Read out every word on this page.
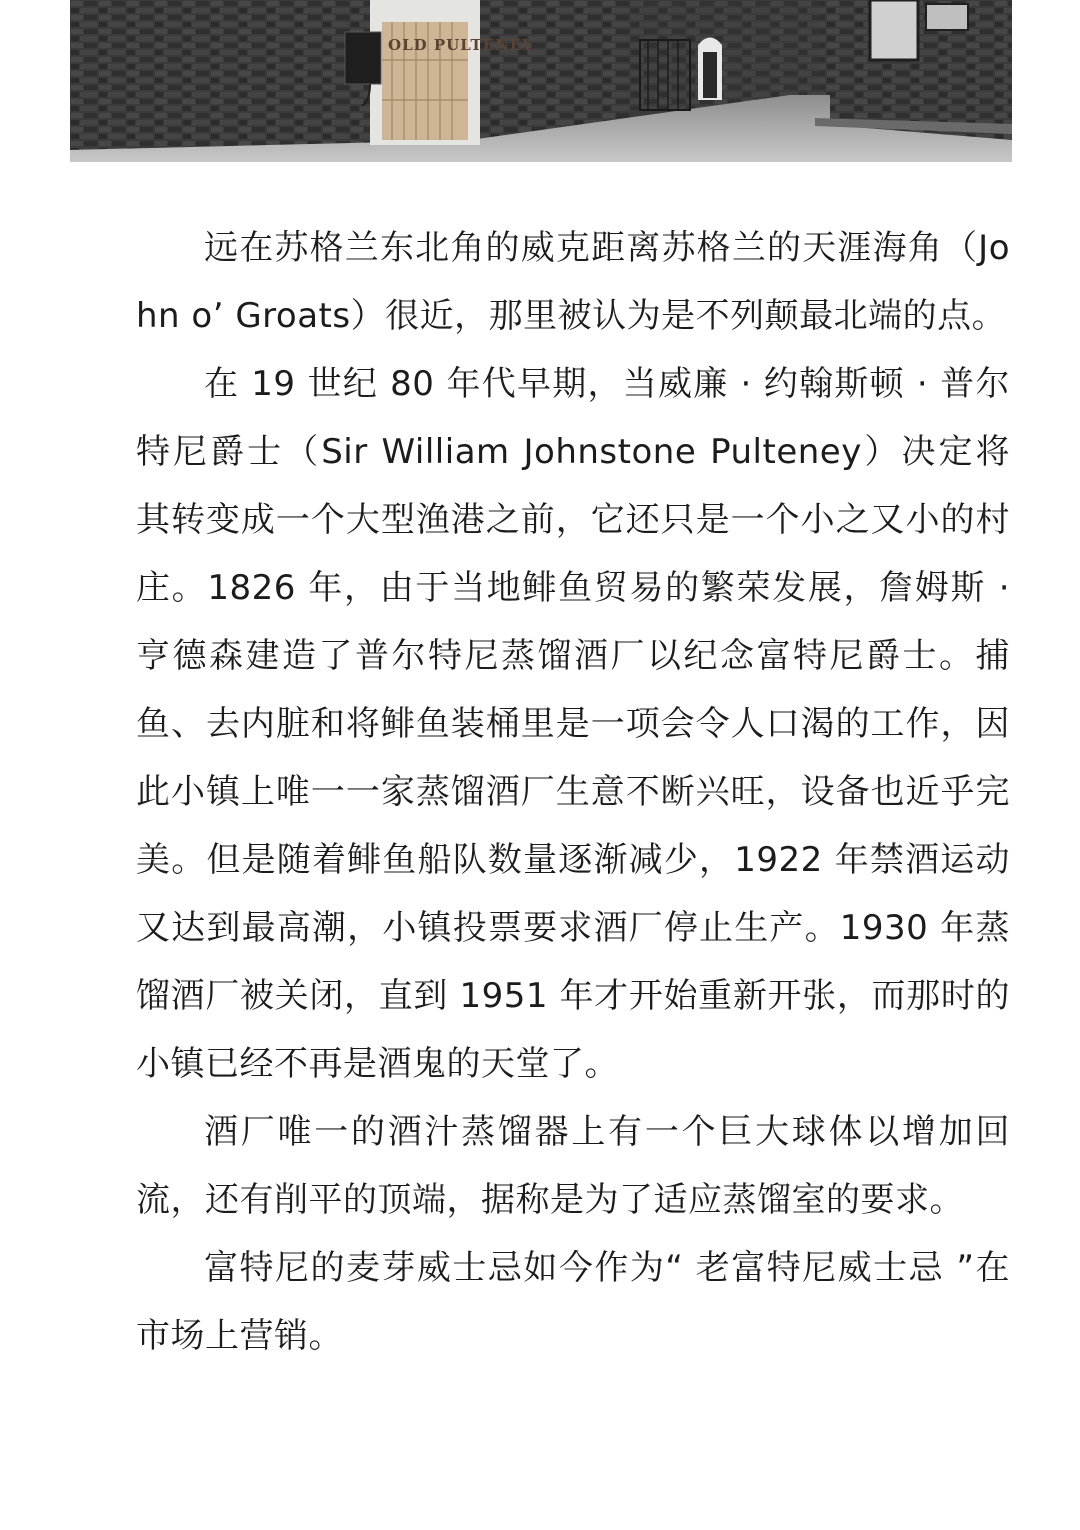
OLD PULTENEY

远在苏格兰东北角的威克距离苏格兰的天涯海角（John o’ Groats）很近，那里被认为是不列颠最北端的点。

在 19 世纪 80 年代早期，当威廉 · 约翰斯顿 · 普尔特尼爵士（Sir William Johnstone Pulteney）决定将其转变成一个大型渔港之前，它还只是一个小之又小的村庄。1826 年，由于当地鲱鱼贸易的繁荣发展，詹姆斯 · 亨德森建造了普尔特尼蒸馏酒厂以纪念富特尼爵士。捕鱼、去内脏和将鲱鱼装桶里是一项会令人口渴的工作，因此小镇上唯一一家蒸馏酒厂生意不断兴旺，设备也近乎完美。但是随着鲱鱼船队数量逐渐减少，1922 年禁酒运动又达到最高潮，小镇投票要求酒厂停止生产。1930 年蒸馏酒厂被关闭，直到 1951 年才开始重新开张，而那时的小镇已经不再是酒鬼的天堂了。

酒厂唯一的酒汁蒸馏器上有一个巨大球体以增加回流，还有削平的顶端，据称是为了适应蒸馏室的要求。

富特尼的麦芽威士忌如今作为“ 老富特尼威士忌 ”在市场上营销。
